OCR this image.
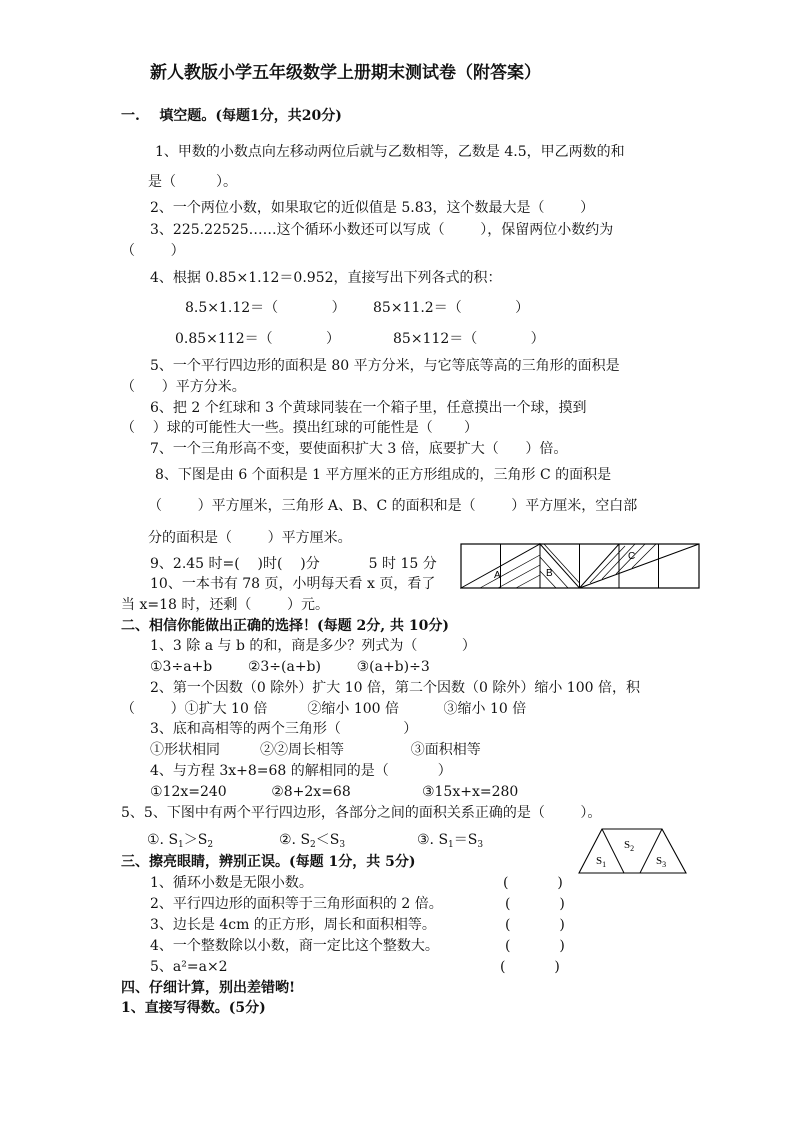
新人教版小学五年级数学上册期末测试卷（附答案）
一.    填空题。(每题1分，共20分)
1、甲数的小数点向左移动两位后就与乙数相等，乙数是 4.5，甲乙两数的和
是（         ）。
2、一个两位小数，如果取它的近似值是 5.83，这个数最大是（        ）
3、225.22525……这个循环小数还可以写成（        ），保留两位小数约为
（        ）
4、根据 0.85×1.12＝0.952，直接写出下列各式的积：
8.5×1.12＝（            ） 85×11.2＝（            ）
0.85×112＝（            ）	85×112＝（            ）
5、一个平行四边形的面积是 80 平方分米，与它等底等高的三角形的面积是
（      ）平方分米。
6、把 2 个红球和 3 个黄球同装在一个箱子里，任意摸出一个球，摸到
（    ）球的可能性大一些。摸出红球的可能性是（       ）
7、一个三角形高不变，要使面积扩大 3 倍，底要扩大（      ）倍。
8、下图是由 6 个面积是 1 平方厘米的正方形组成的，三角形 C 的面积是
（        ）平方厘米，三角形 A、B、C 的面积和是（        ）平方厘米，空白部
分的面积是（        ）平方厘米。
9、2.45 时=(    )时(    )分           5 时 15 分
10、一本书有 78 页，小明每天看 x 页，看了
当 x=18 时，还剩（        ）元。
A	B
C
二、相信你能做出正确的选择！(每题 2分, 共 10分)
1、3 除 a 与 b 的和，商是多少？列式为（          ）
①3÷a+b        ②3÷(a+b)        ③(a+b)÷3
2、第一个因数（0 除外）扩大 10 倍，第二个因数（0 除外）缩小 100 倍，积
（        ）①扩大 10 倍         ②缩小 100 倍          ③缩小 10 倍
3、底和高相等的两个三角形（              ）
①形状相同         ②②周长相等               ③面积相等
4、与方程 3x+8=68 的解相同的是（           ）
①12x=240          ②8+2x=68                ③15x+x=280
5、5、下图中有两个平行四边形，各部分之间的面积关系正确的是（        ）。
①. $S_1>S_2$	②. $S_2<S_3$	③. $S_1=S_3$	$S_2$
$S_1$	$S_3$
三、擦亮眼睛，辨别正误。(每题 1分，共 5分)
1、循环小数是无限小数。	(           )
2、平行四边形的面积等于三角形面积的 2 倍。	(           )
3、边长是 4cm 的正方形，周长和面积相等。	(           )
4、一个整数除以小数，商一定比这个整数大。	(           )
5、a²=a×2	(           )
四、仔细计算，别出差错哟!
1、直接写得数。(5分)
